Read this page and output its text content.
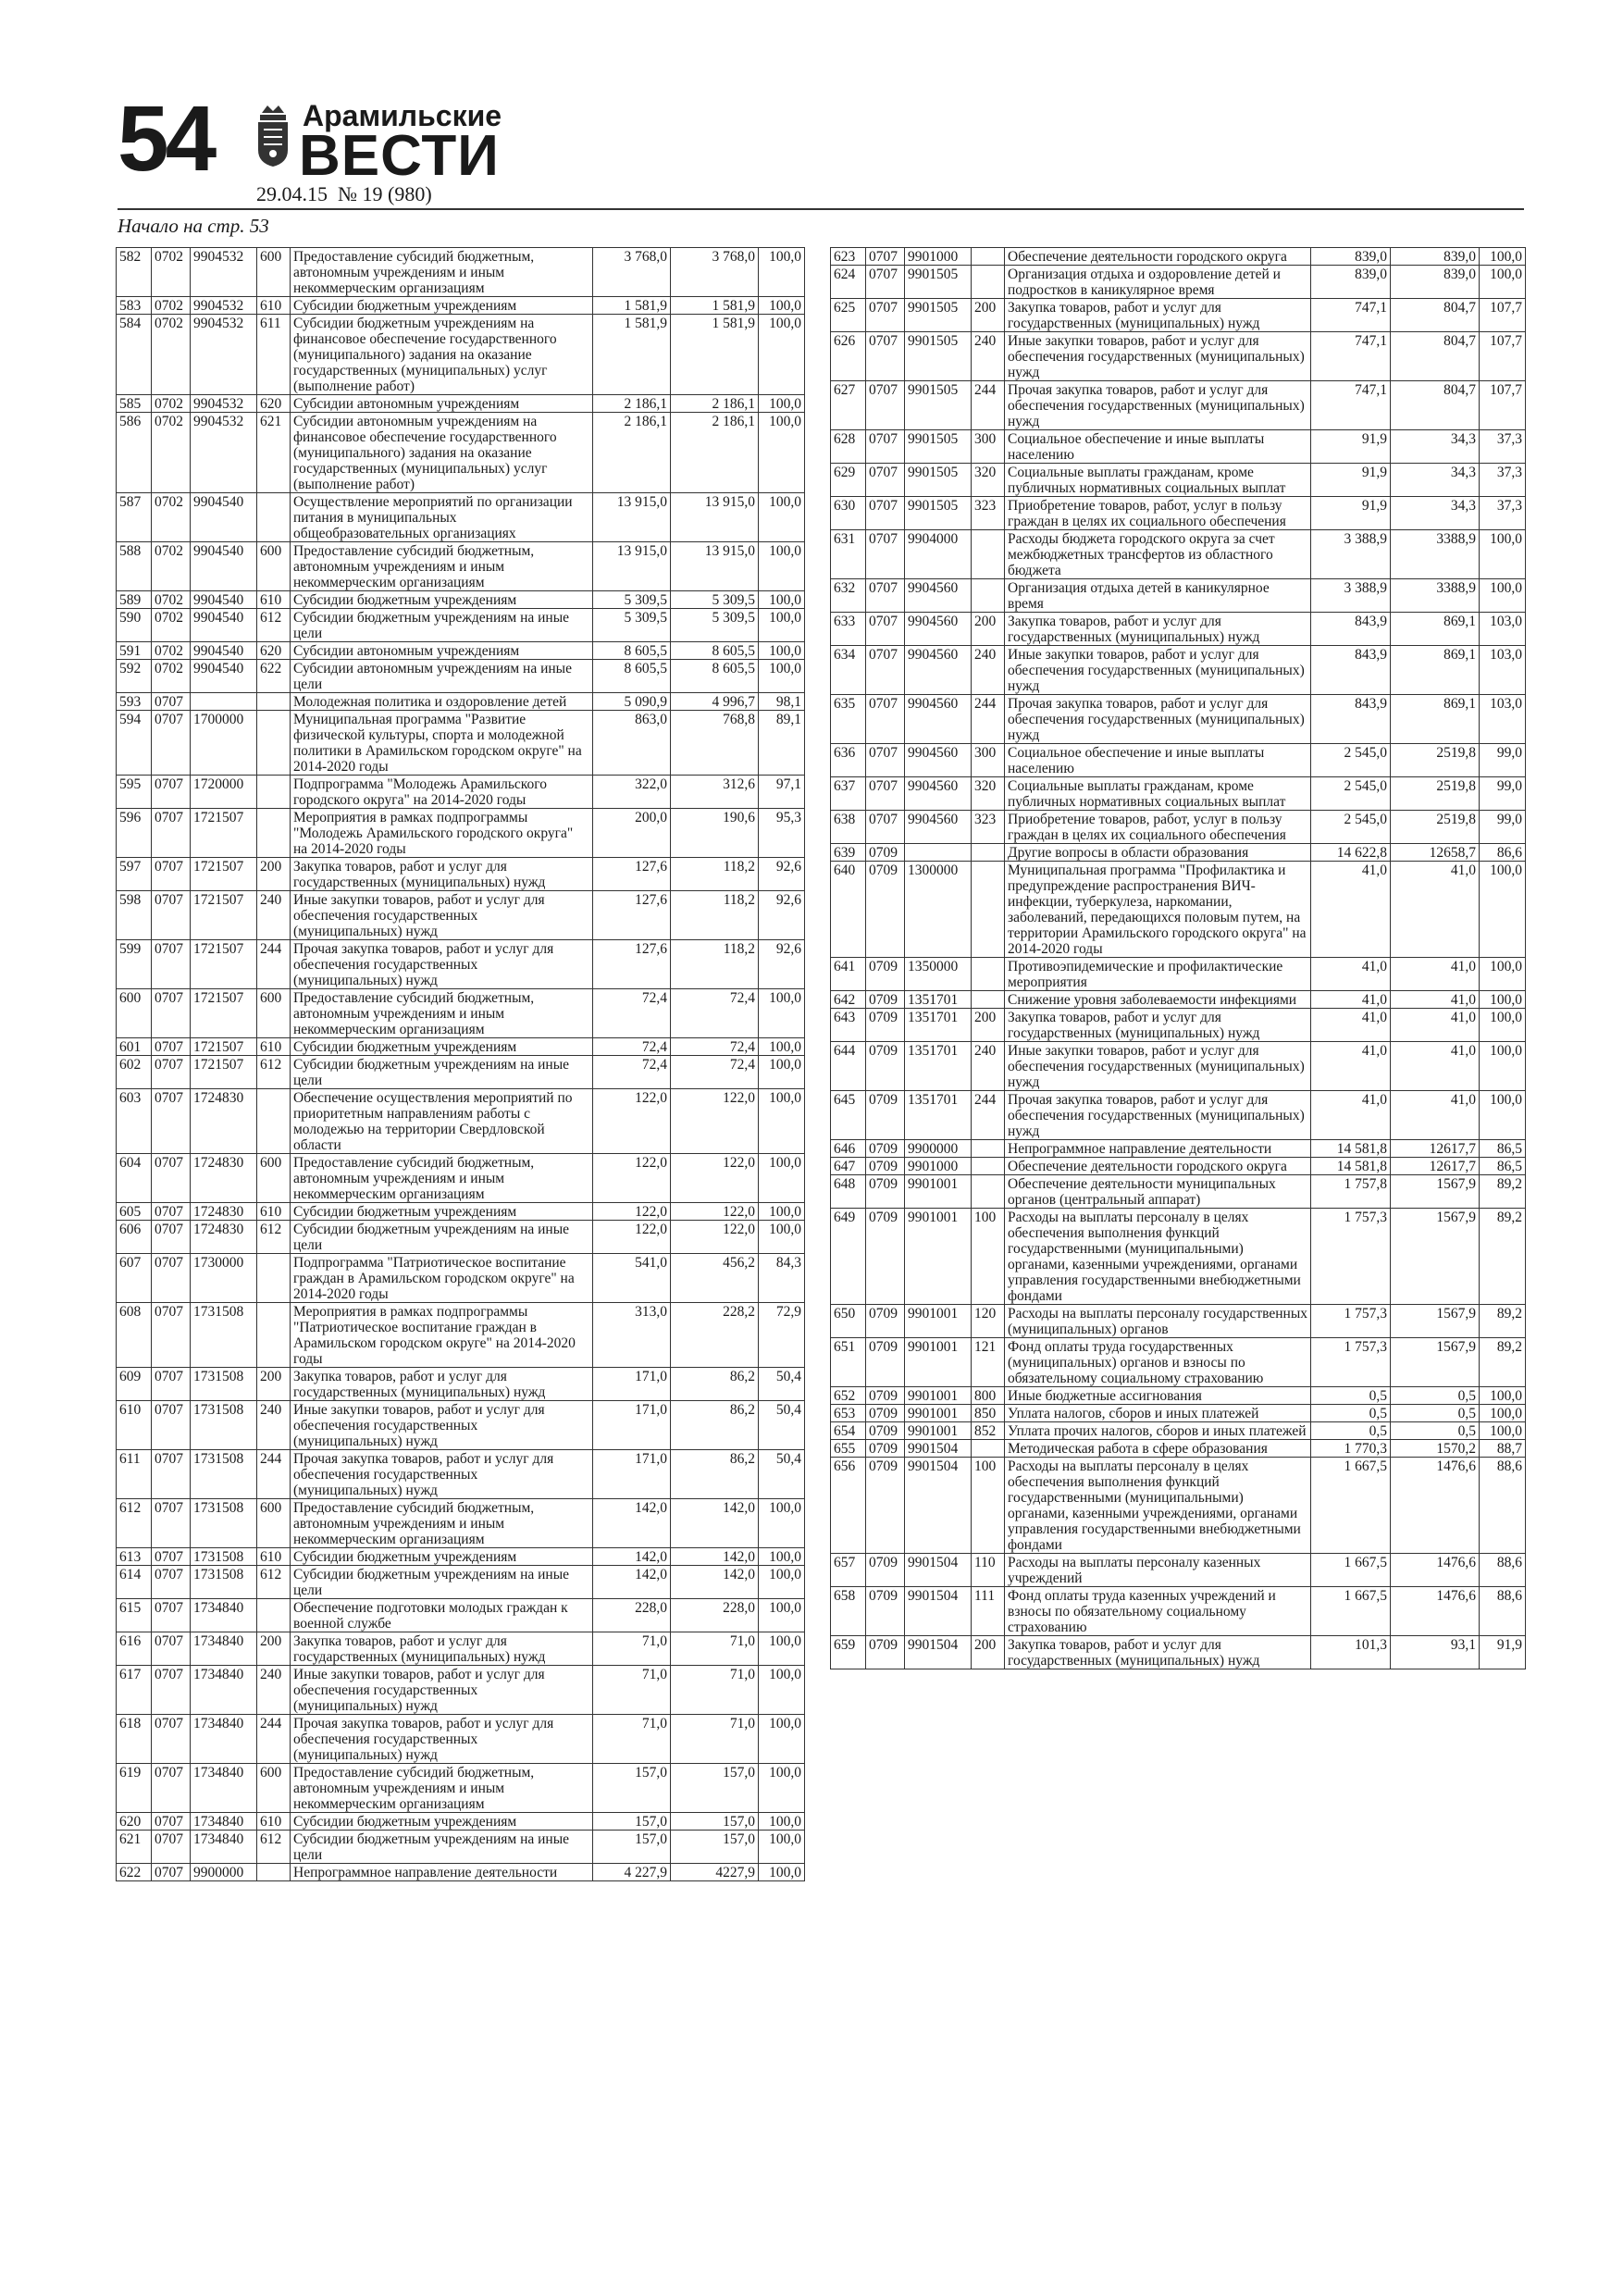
54	Арамильские
ВЕСТИ
29.04.15 № 19 (980)
Начало на стр. 53
582	0702	9904532	600	Предоставление субсидий бюджетным, автономным учреждениям и иным некоммерческим организациям	3 768,0	3 768,0	100,0
583	0702	9904532	610	Субсидии бюджетным учреждениям	1 581,9	1 581,9	100,0
584	0702	9904532	611	Субсидии бюджетным учреждениям на финансовое обеспечение государственного (муниципального) задания на оказание государственных (муниципальных) услуг (выполнение работ)	1 581,9	1 581,9	100,0
585	0702	9904532	620	Субсидии автономным учреждениям	2 186,1	2 186,1	100,0
586	0702	9904532	621	Субсидии автономным учреждениям на финансовое обеспечение государственного (муниципального) задания на оказание государственных (муниципальных) услуг (выполнение работ)	2 186,1	2 186,1	100,0
587	0702	9904540		Осуществление мероприятий по организации питания в муниципальных общеобразовательных организациях	13 915,0	13 915,0	100,0
588	0702	9904540	600	Предоставление субсидий бюджетным, автономным учреждениям и иным некоммерческим организациям	13 915,0	13 915,0	100,0
589	0702	9904540	610	Субсидии бюджетным учреждениям	5 309,5	5 309,5	100,0
590	0702	9904540	612	Субсидии бюджетным учреждениям на иные цели	5 309,5	5 309,5	100,0
591	0702	9904540	620	Субсидии автономным учреждениям	8 605,5	8 605,5	100,0
592	0702	9904540	622	Субсидии автономным учреждениям на иные цели	8 605,5	8 605,5	100,0
593	0707			Молодежная политика и оздоровление детей	5 090,9	4 996,7	98,1
594	0707	1700000		Муниципальная программа "Развитие физической культуры, спорта и молодежной политики в Арамильском городском округе" на 2014-2020 годы	863,0	768,8	89,1
595	0707	1720000		Подпрограмма "Молодежь Арамильского городского округа" на 2014-2020 годы	322,0	312,6	97,1
596	0707	1721507		Мероприятия в рамках подпрограммы "Молодежь Арамильского городского округа" на 2014-2020 годы	200,0	190,6	95,3
597	0707	1721507	200	Закупка товаров, работ и услуг для государственных (муниципальных) нужд	127,6	118,2	92,6
598	0707	1721507	240	Иные закупки товаров, работ и услуг для обеспечения государственных (муниципальных) нужд	127,6	118,2	92,6
599	0707	1721507	244	Прочая закупка товаров, работ и услуг для обеспечения государственных (муниципальных) нужд	127,6	118,2	92,6
600	0707	1721507	600	Предоставление субсидий бюджетным, автономным учреждениям и иным некоммерческим организациям	72,4	72,4	100,0
601	0707	1721507	610	Субсидии бюджетным учреждениям	72,4	72,4	100,0
602	0707	1721507	612	Субсидии бюджетным учреждениям на иные цели	72,4	72,4	100,0
603	0707	1724830		Обеспечение осуществления мероприятий по приоритетным направлениям работы с молодежью на территории Свердловской области	122,0	122,0	100,0
604	0707	1724830	600	Предоставление субсидий бюджетным, автономным учреждениям и иным некоммерческим организациям	122,0	122,0	100,0
605	0707	1724830	610	Субсидии бюджетным учреждениям	122,0	122,0	100,0
606	0707	1724830	612	Субсидии бюджетным учреждениям на иные цели	122,0	122,0	100,0
607	0707	1730000		Подпрограмма "Патриотическое воспитание граждан в Арамильском городском округе" на 2014-2020 годы	541,0	456,2	84,3
608	0707	1731508		Мероприятия в рамках подпрограммы "Патриотическое воспитание граждан в Арамильском городском округе" на 2014-2020 годы	313,0	228,2	72,9
609	0707	1731508	200	Закупка товаров, работ и услуг для государственных (муниципальных) нужд	171,0	86,2	50,4
610	0707	1731508	240	Иные закупки товаров, работ и услуг для обеспечения государственных (муниципальных) нужд	171,0	86,2	50,4
611	0707	1731508	244	Прочая закупка товаров, работ и услуг для обеспечения государственных (муниципальных) нужд	171,0	86,2	50,4
612	0707	1731508	600	Предоставление субсидий бюджетным, автономным учреждениям и иным некоммерческим организациям	142,0	142,0	100,0
613	0707	1731508	610	Субсидии бюджетным учреждениям	142,0	142,0	100,0
614	0707	1731508	612	Субсидии бюджетным учреждениям на иные цели	142,0	142,0	100,0
615	0707	1734840		Обеспечение подготовки молодых граждан к военной службе	228,0	228,0	100,0
616	0707	1734840	200	Закупка товаров, работ и услуг для государственных (муниципальных) нужд	71,0	71,0	100,0
617	0707	1734840	240	Иные закупки товаров, работ и услуг для обеспечения государственных (муниципальных) нужд	71,0	71,0	100,0
618	0707	1734840	244	Прочая закупка товаров, работ и услуг для обеспечения государственных (муниципальных) нужд	71,0	71,0	100,0
619	0707	1734840	600	Предоставление субсидий бюджетным, автономным учреждениям и иным некоммерческим организациям	157,0	157,0	100,0
620	0707	1734840	610	Субсидии бюджетным учреждениям	157,0	157,0	100,0
621	0707	1734840	612	Субсидии бюджетным учреждениям на иные цели	157,0	157,0	100,0
622	0707	9900000		Непрограммное направление деятельности	4 227,9	4227,9	100,0
623	0707	9901000		Обеспечение деятельности городского округа	839,0	839,0	100,0
624	0707	9901505		Организация отдыха и оздоровление детей и подростков в каникулярное время	839,0	839,0	100,0
625	0707	9901505	200	Закупка товаров, работ и услуг для государственных (муниципальных) нужд	747,1	804,7	107,7
626	0707	9901505	240	Иные закупки товаров, работ и услуг для обеспечения государственных (муниципальных) нужд	747,1	804,7	107,7
627	0707	9901505	244	Прочая закупка товаров, работ и услуг для обеспечения государственных (муниципальных) нужд	747,1	804,7	107,7
628	0707	9901505	300	Социальное обеспечение и иные выплаты населению	91,9	34,3	37,3
629	0707	9901505	320	Социальные выплаты гражданам, кроме публичных нормативных социальных выплат	91,9	34,3	37,3
630	0707	9901505	323	Приобретение товаров, работ, услуг в пользу граждан в целях их социального обеспечения	91,9	34,3	37,3
631	0707	9904000		Расходы бюджета городского округа за счет межбюджетных трансфертов из областного бюджета	3 388,9	3388,9	100,0
632	0707	9904560		Организация отдыха детей в каникулярное время	3 388,9	3388,9	100,0
633	0707	9904560	200	Закупка товаров, работ и услуг для государственных (муниципальных) нужд	843,9	869,1	103,0
634	0707	9904560	240	Иные закупки товаров, работ и услуг для обеспечения государственных (муниципальных) нужд	843,9	869,1	103,0
635	0707	9904560	244	Прочая закупка товаров, работ и услуг для обеспечения государственных (муниципальных) нужд	843,9	869,1	103,0
636	0707	9904560	300	Социальное обеспечение и иные выплаты населению	2 545,0	2519,8	99,0
637	0707	9904560	320	Социальные выплаты гражданам, кроме публичных нормативных социальных выплат	2 545,0	2519,8	99,0
638	0707	9904560	323	Приобретение товаров, работ, услуг в пользу граждан в целях их социального обеспечения	2 545,0	2519,8	99,0
639	0709			Другие вопросы в области образования	14 622,8	12658,7	86,6
640	0709	1300000		Муниципальная программа "Профилактика и предупреждение распространения ВИЧ-инфекции, туберкулеза, наркомании, заболеваний, передающихся половым путем, на территории Арамильского городского округа" на 2014-2020 годы	41,0	41,0	100,0
641	0709	1350000		Противоэпидемические и профилактические мероприятия	41,0	41,0	100,0
642	0709	1351701		Снижение уровня заболеваемости инфекциями	41,0	41,0	100,0
643	0709	1351701	200	Закупка товаров, работ и услуг для государственных (муниципальных) нужд	41,0	41,0	100,0
644	0709	1351701	240	Иные закупки товаров, работ и услуг для обеспечения государственных (муниципальных) нужд	41,0	41,0	100,0
645	0709	1351701	244	Прочая закупка товаров, работ и услуг для обеспечения государственных (муниципальных) нужд	41,0	41,0	100,0
646	0709	9900000		Непрограммное направление деятельности	14 581,8	12617,7	86,5
647	0709	9901000		Обеспечение деятельности городского округа	14 581,8	12617,7	86,5
648	0709	9901001		Обеспечение деятельности муниципальных органов (центральный аппарат)	1 757,8	1567,9	89,2
649	0709	9901001	100	Расходы на выплаты персоналу в целях обеспечения выполнения функций государственными (муниципальными) органами, казенными учреждениями, органами управления государственными внебюджетными фондами	1 757,3	1567,9	89,2
650	0709	9901001	120	Расходы на выплаты персоналу государственных (муниципальных) органов	1 757,3	1567,9	89,2
651	0709	9901001	121	Фонд оплаты труда государственных (муниципальных) органов и взносы по обязательному социальному страхованию	1 757,3	1567,9	89,2
652	0709	9901001	800	Иные бюджетные ассигнования	0,5	0,5	100,0
653	0709	9901001	850	Уплата налогов, сборов и иных платежей	0,5	0,5	100,0
654	0709	9901001	852	Уплата прочих налогов, сборов и иных платежей	0,5	0,5	100,0
655	0709	9901504		Методическая работа в сфере образования	1 770,3	1570,2	88,7
656	0709	9901504	100	Расходы на выплаты персоналу в целях обеспечения выполнения функций государственными (муниципальными) органами, казенными учреждениями, органами управления государственными внебюджетными фондами	1 667,5	1476,6	88,6
657	0709	9901504	110	Расходы на выплаты персоналу казенных учреждений	1 667,5	1476,6	88,6
658	0709	9901504	111	Фонд оплаты труда казенных учреждений и взносы по обязательному социальному страхованию	1 667,5	1476,6	88,6
659	0709	9901504	200	Закупка товаров, работ и услуг для государственных (муниципальных) нужд	101,3	93,1	91,9
